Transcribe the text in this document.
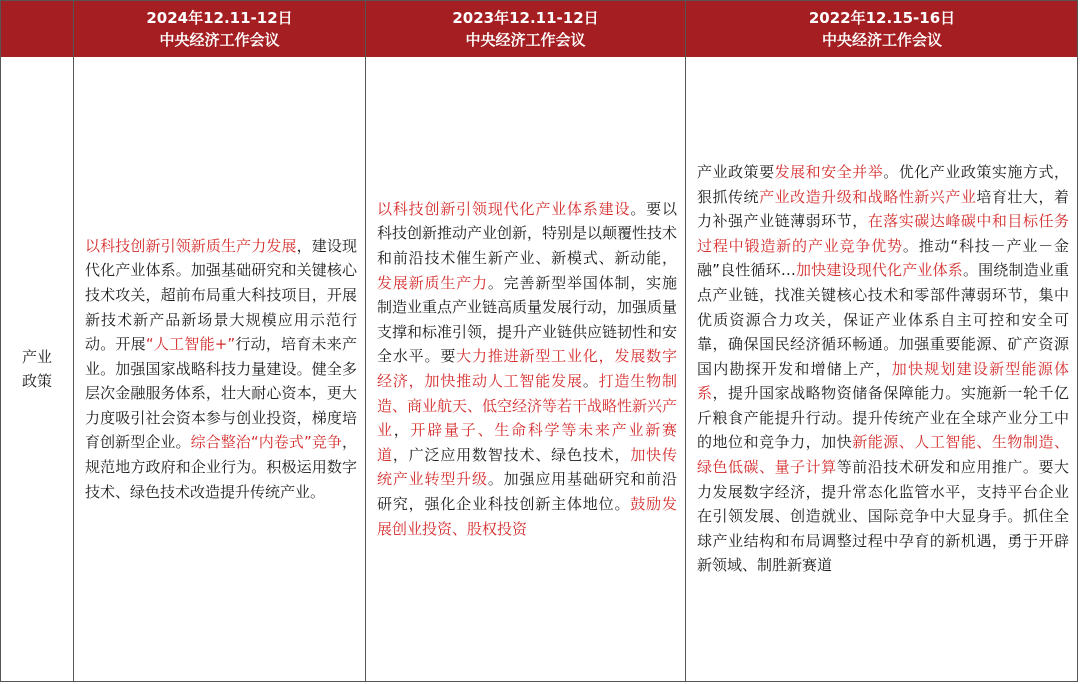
2024年12.11-12日
中央经济工作会议
2023年12.11-12日
中央经济工作会议
2022年12.15-16日
中央经济工作会议
产业
政策

以科技创新引领新质生产力发展，建设现代化产业体系。加强基础研究和关键核心技术攻关，超前布局重大科技项目，开展新技术新产品新场景大规模应用示范行动。开展“人工智能+”行动，培育未来产业。加强国家战略科技力量建设。健全多层次金融服务体系，壮大耐心资本，更大力度吸引社会资本参与创业投资，梯度培育创新型企业。综合整治“内卷式”竞争，规范地方政府和企业行为。积极运用数字技术、绿色技术改造提升传统产业。

以科技创新引领现代化产业体系建设。要以科技创新推动产业创新，特别是以颠覆性技术和前沿技术催生新产业、新模式、新动能，发展新质生产力。完善新型举国体制，实施制造业重点产业链高质量发展行动，加强质量支撑和标准引领，提升产业链供应链韧性和安全水平。要大力推进新型工业化，发展数字经济，加快推动人工智能发展。打造生物制造、商业航天、低空经济等若干战略性新兴产业，开辟量子、生命科学等未来产业新赛道，广泛应用数智技术、绿色技术，加快传统产业转型升级。加强应用基础研究和前沿研究，强化企业科技创新主体地位。鼓励发展创业投资、股权投资

产业政策要发展和安全并举。优化产业政策实施方式，狠抓传统产业改造升级和战略性新兴产业培育壮大，着力补强产业链薄弱环节，在落实碳达峰碳中和目标任务过程中锻造新的产业竞争优势。推动“科技－产业－金融”良性循环…加快建设现代化产业体系。围绕制造业重点产业链，找准关键核心技术和零部件薄弱环节，集中优质资源合力攻关，保证产业体系自主可控和安全可靠，确保国民经济循环畅通。加强重要能源、矿产资源国内勘探开发和增储上产，加快规划建设新型能源体系，提升国家战略物资储备保障能力。实施新一轮千亿斤粮食产能提升行动。提升传统产业在全球产业分工中的地位和竞争力，加快新能源、人工智能、生物制造、绿色低碳、量子计算等前沿技术研发和应用推广。要大力发展数字经济，提升常态化监管水平，支持平台企业在引领发展、创造就业、国际竞争中大显身手。抓住全球产业结构和布局调整过程中孕育的新机遇，勇于开辟新领域、制胜新赛道
